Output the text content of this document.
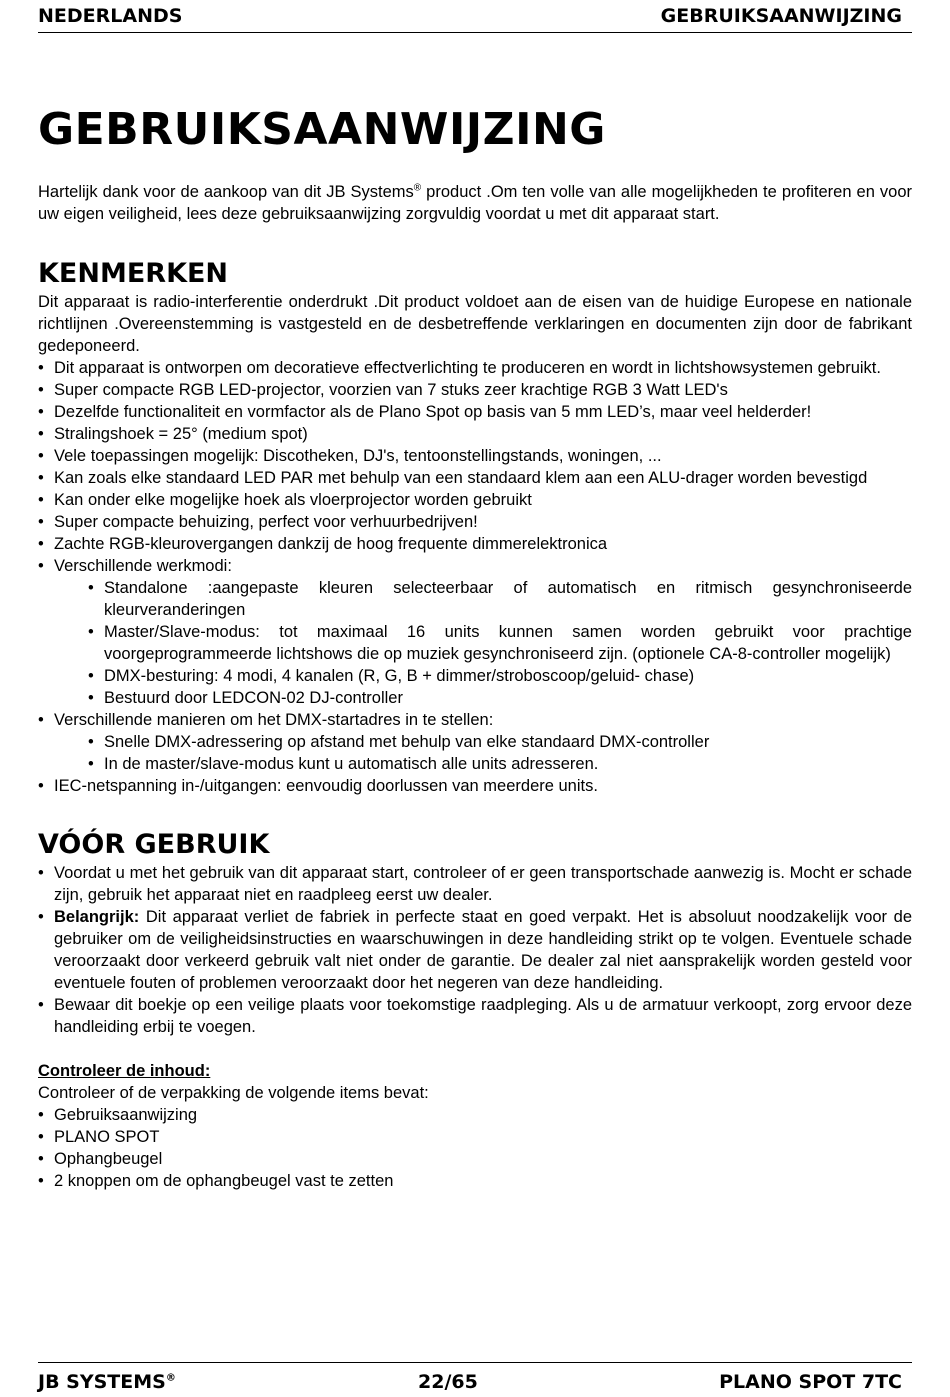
NEDERLANDS	GEBRUIKSAANWIJZING
GEBRUIKSAANWIJZING

Hartelijk dank voor de aankoop van dit JB Systems® product .Om ten volle van alle mogelijkheden te profiteren en voor uw eigen veiligheid, lees deze gebruiksaanwijzing zorgvuldig voordat u met dit apparaat start.

KENMERKEN

Dit apparaat is radio-interferentie onderdrukt .Dit product voldoet aan de eisen van de huidige Europese en nationale richtlijnen .Overeenstemming is vastgesteld en de desbetreffende verklaringen en documenten zijn door de fabrikant gedeponeerd.

• Dit apparaat is ontworpen om decoratieve effectverlichting te produceren en wordt in lichtshowsystemen gebruikt.
• Super compacte RGB LED-projector, voorzien van 7 stuks zeer krachtige RGB 3 Watt LED's
• Dezelfde functionaliteit en vormfactor als de Plano Spot op basis van 5 mm LED’s, maar veel helderder!
• Stralingshoek = 25° (medium spot)
• Vele toepassingen mogelijk: Discotheken, DJ's, tentoonstellingstands, woningen, ...
• Kan zoals elke standaard LED PAR met behulp van een standaard klem aan een ALU-drager worden bevestigd
• Kan onder elke mogelijke hoek als vloerprojector worden gebruikt
• Super compacte behuizing, perfect voor verhuurbedrijven!
• Zachte RGB-kleurovergangen dankzij de hoog frequente dimmerelektronica
• Verschillende werkmodi:
• Standalone :aangepaste kleuren selecteerbaar of automatisch en ritmisch gesynchroniseerde kleurveranderingen
• Master/Slave-modus: tot maximaal 16 units kunnen samen worden gebruikt voor prachtige voorgeprogrammeerde lichtshows die op muziek gesynchroniseerd zijn. (optionele CA-8-controller mogelijk)
• DMX-besturing: 4 modi, 4 kanalen (R, G, B + dimmer/stroboscoop/geluid- chase)
• Bestuurd door LEDCON-02 DJ-controller
• Verschillende manieren om het DMX-startadres in te stellen:
• Snelle DMX-adressering op afstand met behulp van elke standaard DMX-controller
• In de master/slave-modus kunt u automatisch alle units adresseren.
• IEC-netspanning in-/uitgangen: eenvoudig doorlussen van meerdere units.
VÓÓR GEBRUIK
• Voordat u met het gebruik van dit apparaat start, controleer of er geen transportschade aanwezig is. Mocht er schade zijn, gebruik het apparaat niet en raadpleeg eerst uw dealer.
• Belangrijk: Dit apparaat verliet de fabriek in perfecte staat en goed verpakt. Het is absoluut noodzakelijk voor de gebruiker om de veiligheidsinstructies en waarschuwingen in deze handleiding strikt op te volgen. Eventuele schade veroorzaakt door verkeerd gebruik valt niet onder de garantie. De dealer zal niet aansprakelijk worden gesteld voor eventuele fouten of problemen veroorzaakt door het negeren van deze handleiding.
• Bewaar dit boekje op een veilige plaats voor toekomstige raadpleging. Als u de armatuur verkoopt, zorg ervoor deze handleiding erbij te voegen.
Controleer de inhoud:

Controleer of de verpakking de volgende items bevat:

• Gebruiksaanwijzing
• PLANO SPOT
• Ophangbeugel
• 2 knoppen om de ophangbeugel vast te zetten
JB SYSTEMS®	22/65	PLANO SPOT 7TC
